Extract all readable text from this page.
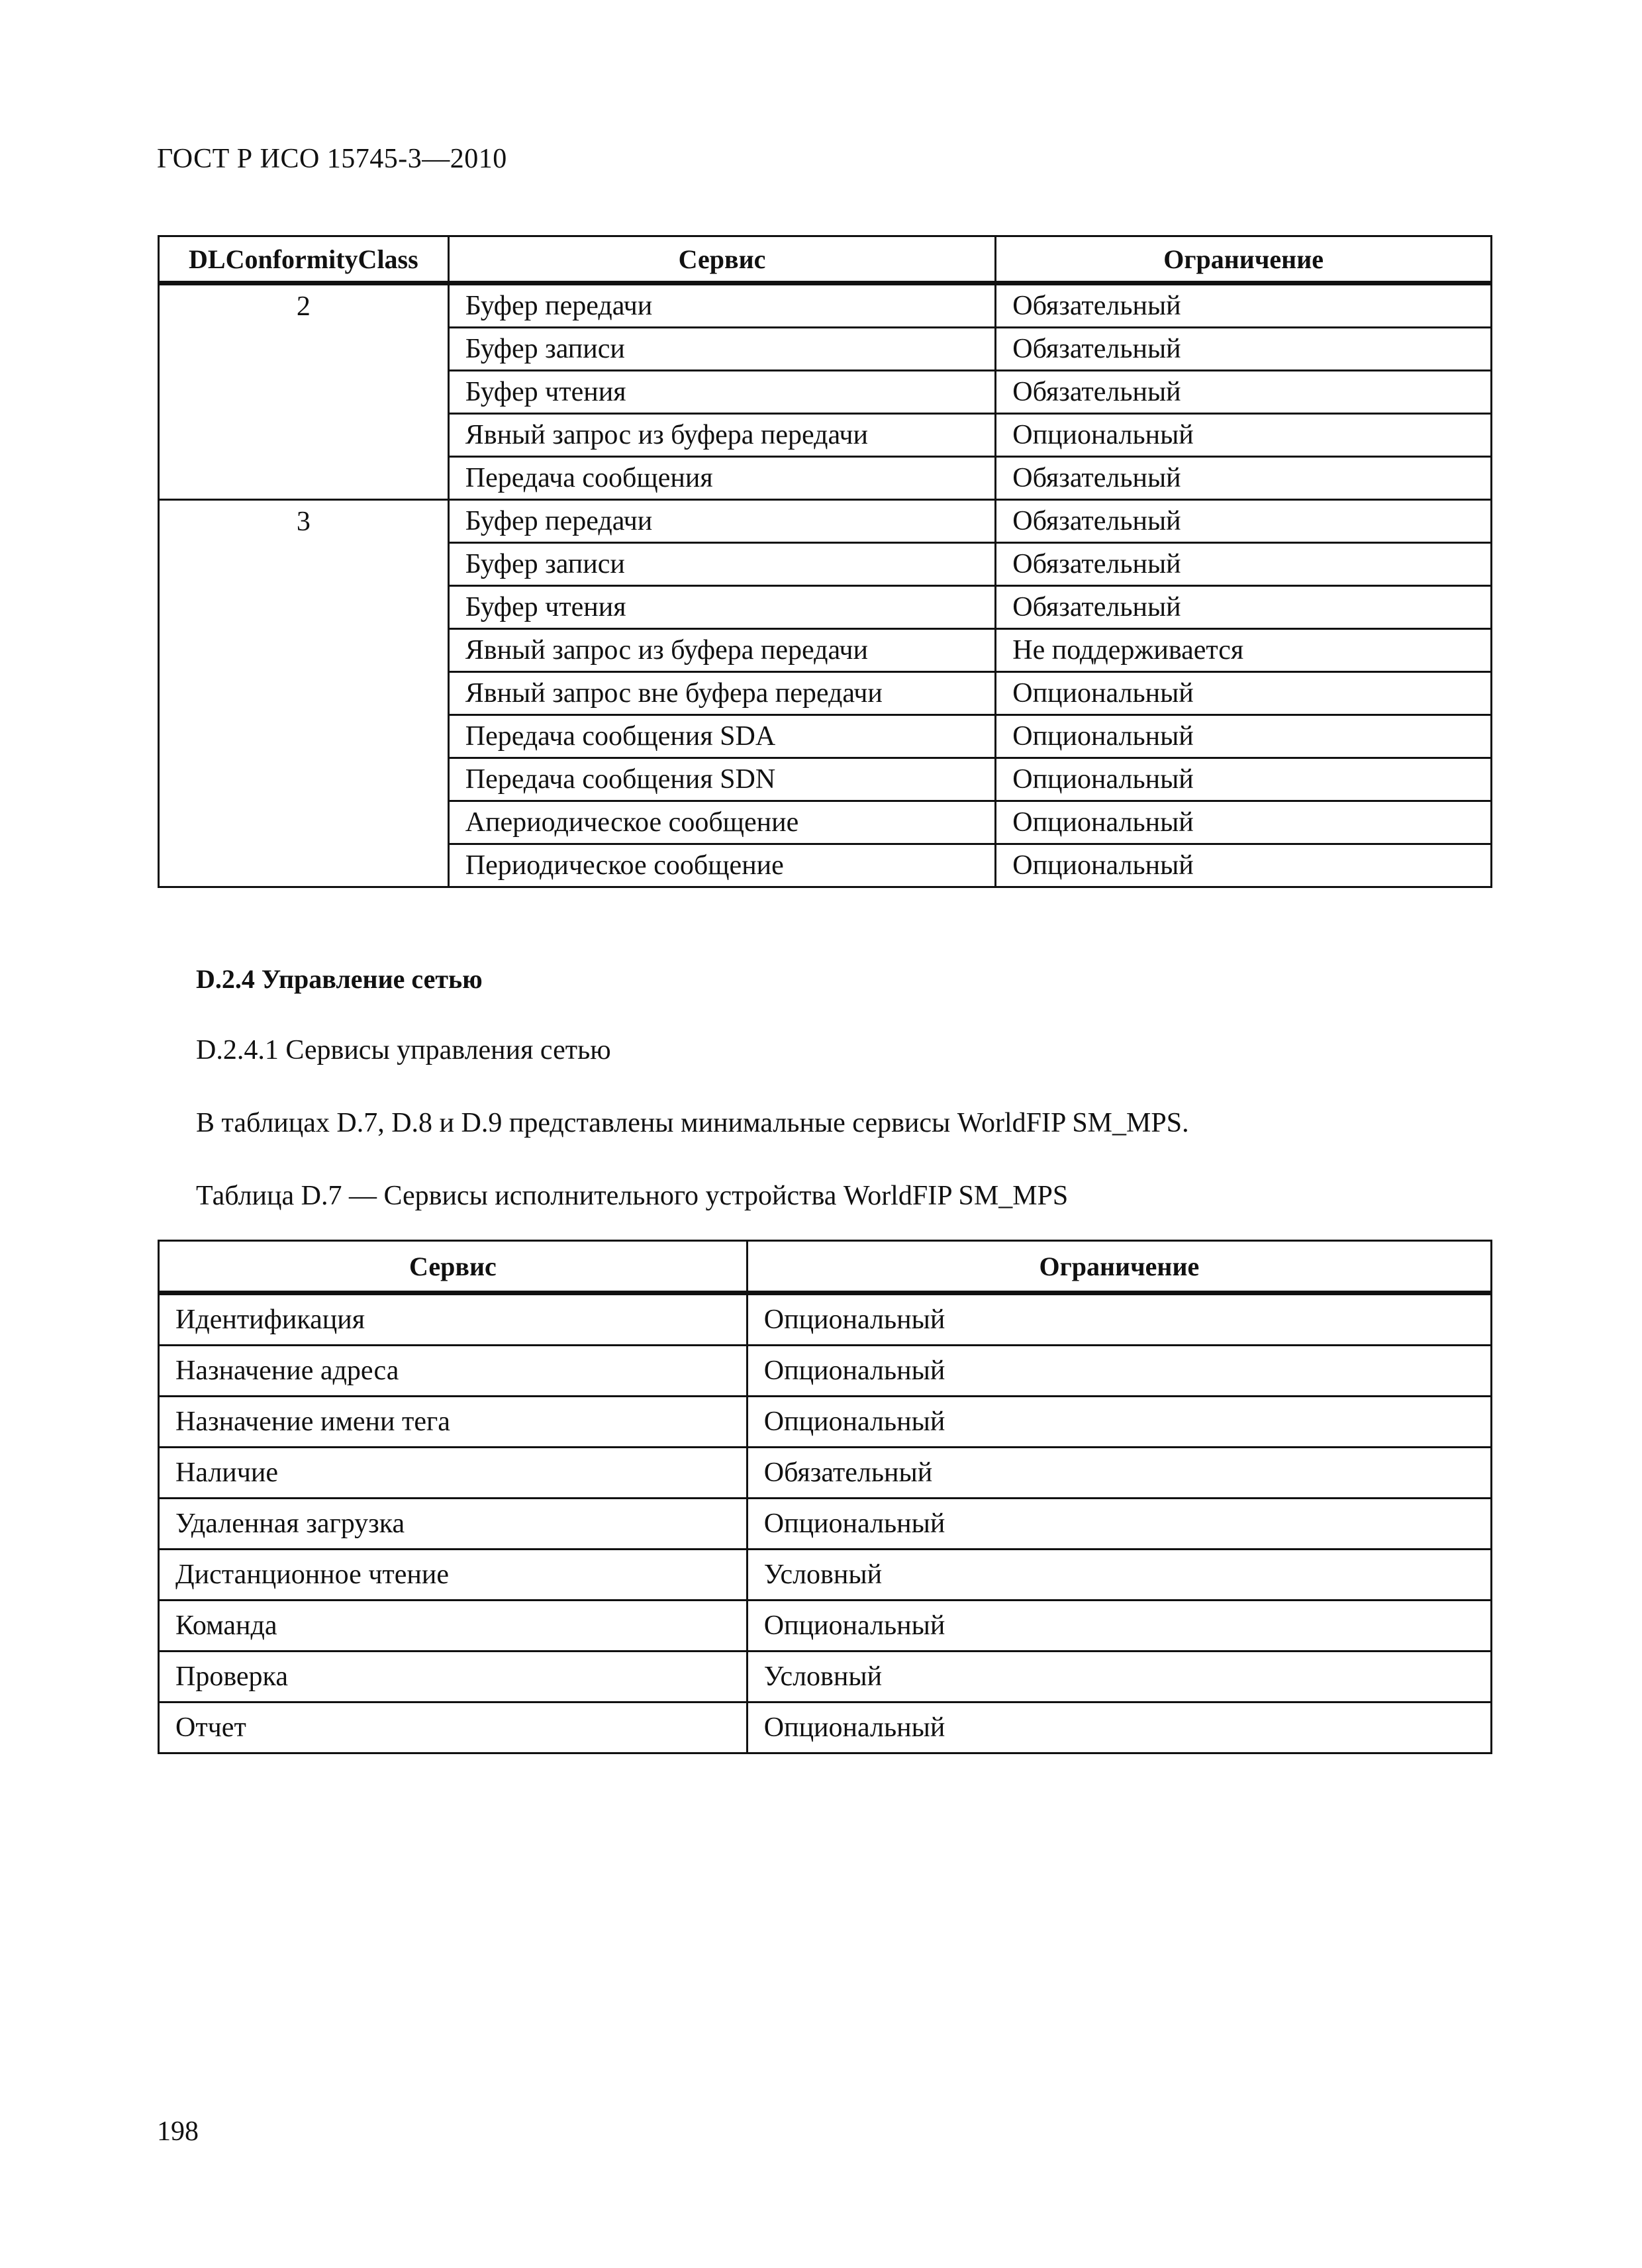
ГОСТ Р ИСО 15745-3—2010
DLConformityClass	Сервис	Ограничение
2	Буфер передачи	Обязательный
	Буфер записи	Обязательный
	Буфер чтения	Обязательный
	Явный запрос из буфера передачи	Опциональный
	Передача сообщения	Обязательный
3	Буфер передачи	Обязательный
	Буфер записи	Обязательный
	Буфер чтения	Обязательный
	Явный запрос из буфера передачи	Не поддерживается
	Явный запрос вне буфера передачи	Опциональный
	Передача сообщения SDA	Опциональный
	Передача сообщения SDN	Опциональный
	Апериодическое сообщение	Опциональный
	Периодическое сообщение	Опциональный
D.2.4 Управление сетью
D.2.4.1 Сервисы управления сетью
В таблицах D.7, D.8 и D.9 представлены минимальные сервисы WorldFIP SM_MPS.
Таблица D.7 — Сервисы исполнительного устройства WorldFIP SM_MPS
Сервис	Ограничение
Идентификация	Опциональный
Назначение адреса	Опциональный
Назначение имени тега	Опциональный
Наличие	Обязательный
Удаленная загрузка	Опциональный
Дистанционное чтение	Условный
Команда	Опциональный
Проверка	Условный
Отчет	Опциональный
198
